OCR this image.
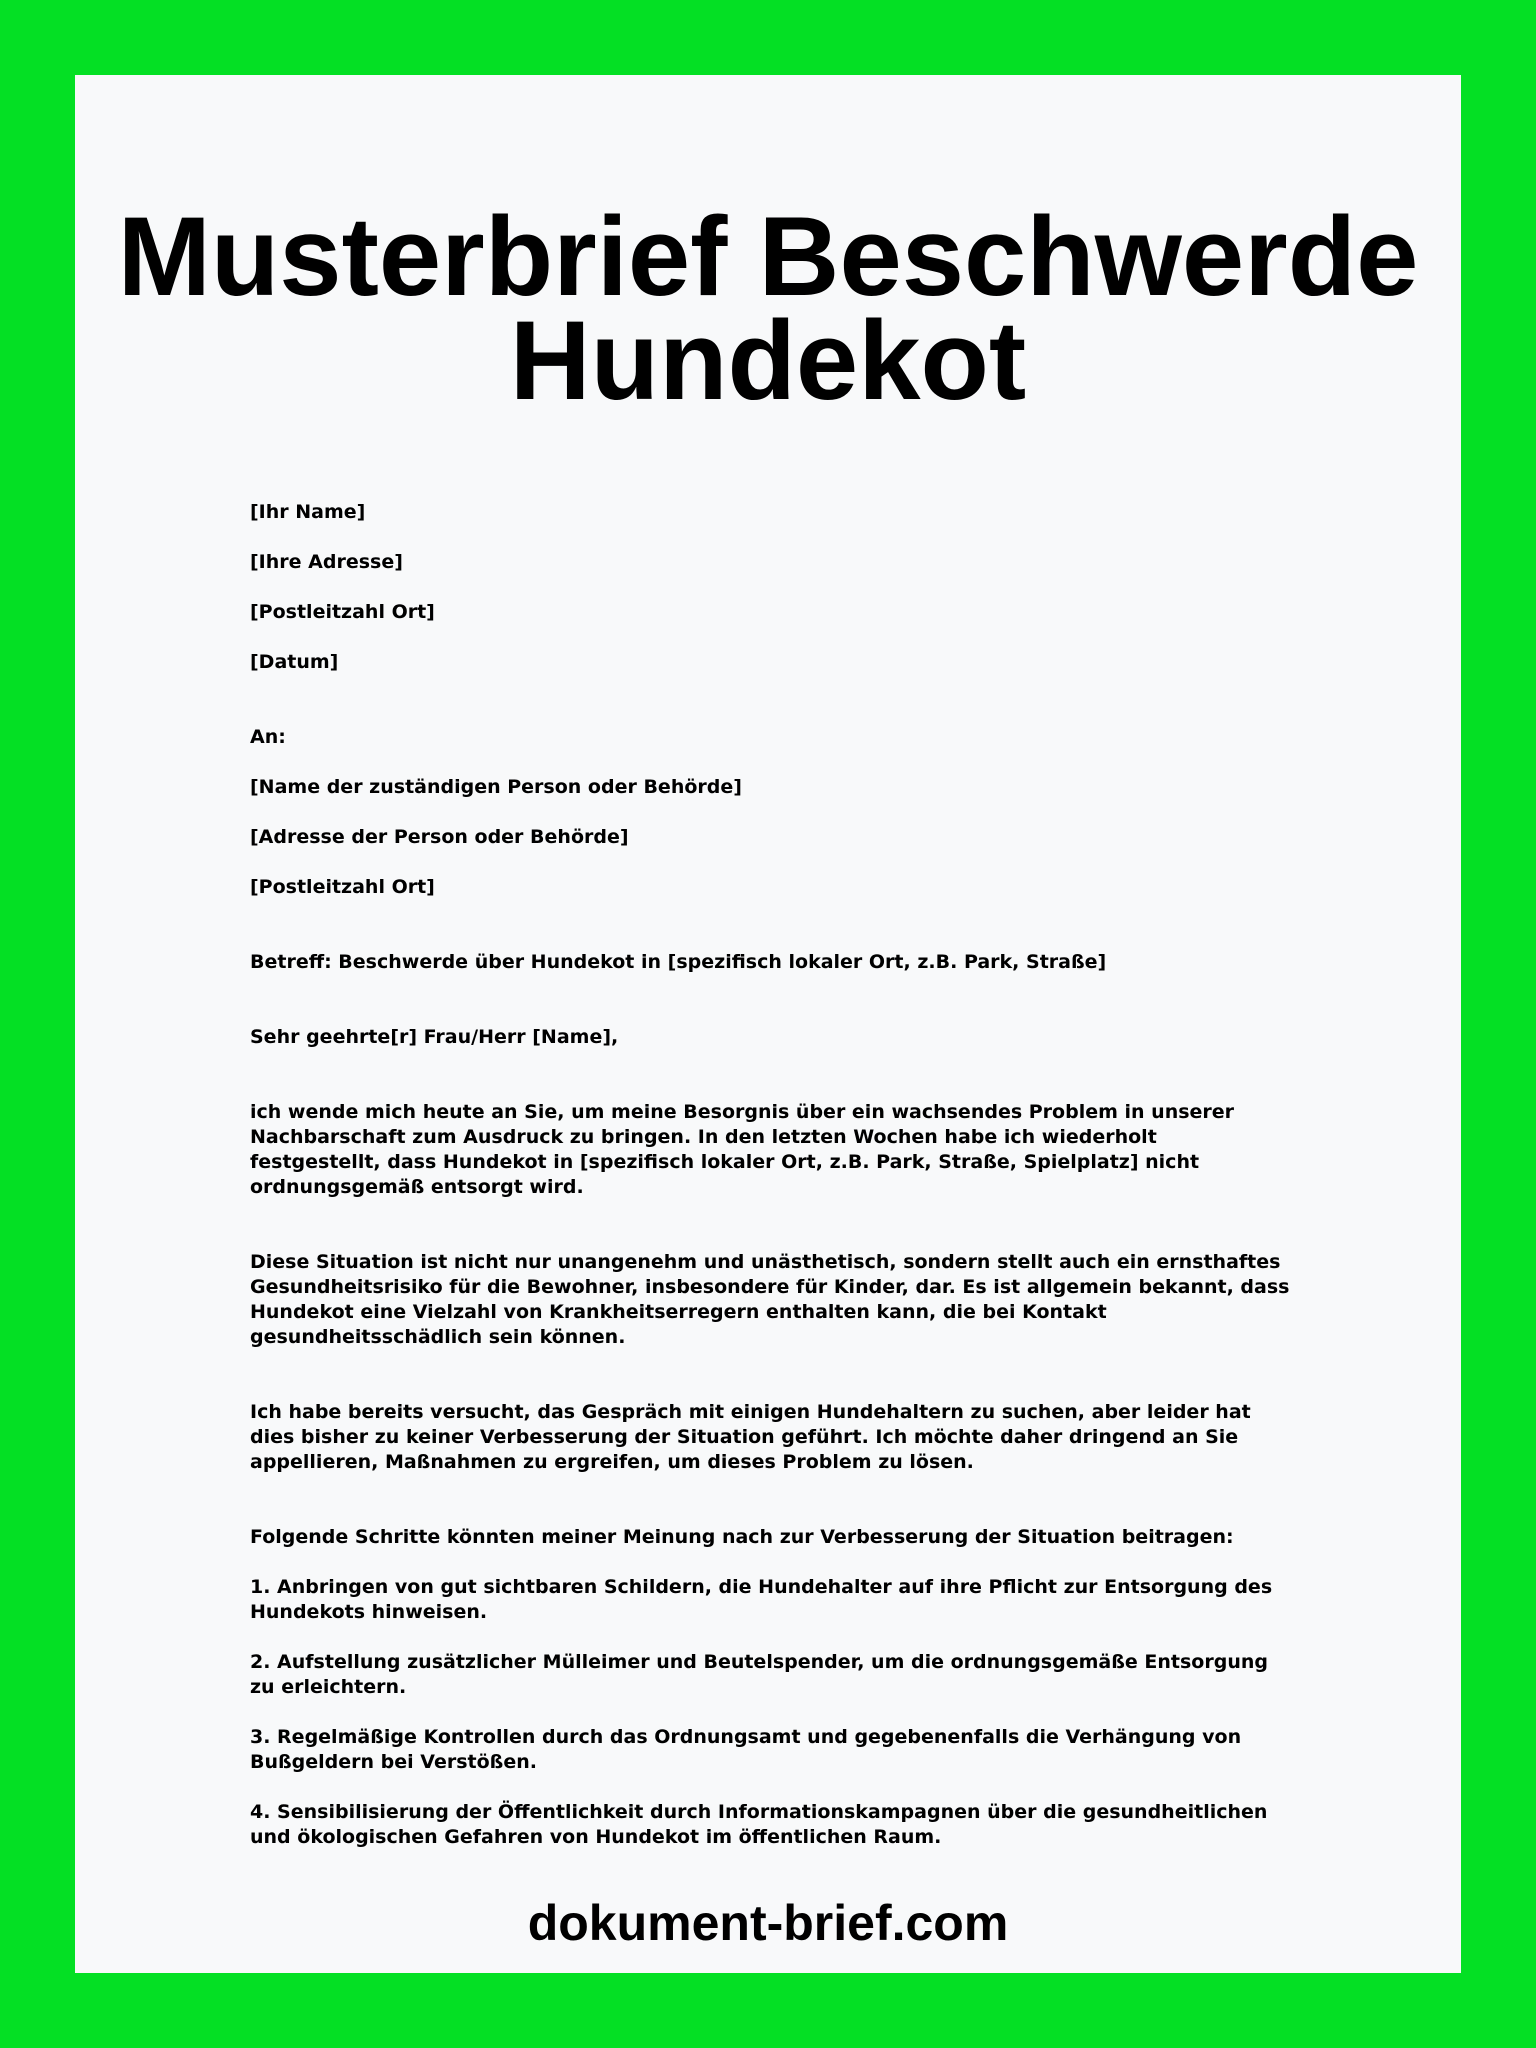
Musterbrief Beschwerde Hundekot
[Ihr Name]
[Ihre Adresse]
[Postleitzahl Ort]
[Datum]
An:
[Name der zuständigen Person oder Behörde]
[Adresse der Person oder Behörde]
[Postleitzahl Ort]
Betreff: Beschwerde über Hundekot in [spezifisch lokaler Ort, z.B. Park, Straße]
Sehr geehrte[r] Frau/Herr [Name],
ich wende mich heute an Sie, um meine Besorgnis über ein wachsendes Problem in unserer Nachbarschaft zum Ausdruck zu bringen. In den letzten Wochen habe ich wiederholt festgestellt, dass Hundekot in [spezifisch lokaler Ort, z.B. Park, Straße, Spielplatz] nicht ordnungsgemäß entsorgt wird.
Diese Situation ist nicht nur unangenehm und unästhetisch, sondern stellt auch ein ernsthaftes Gesundheitsrisiko für die Bewohner, insbesondere für Kinder, dar. Es ist allgemein bekannt, dass Hundekot eine Vielzahl von Krankheitserregern enthalten kann, die bei Kontakt gesundheitsschädlich sein können.
Ich habe bereits versucht, das Gespräch mit einigen Hundehaltern zu suchen, aber leider hat dies bisher zu keiner Verbesserung der Situation geführt. Ich möchte daher dringend an Sie appellieren, Maßnahmen zu ergreifen, um dieses Problem zu lösen.
Folgende Schritte könnten meiner Meinung nach zur Verbesserung der Situation beitragen:
1. Anbringen von gut sichtbaren Schildern, die Hundehalter auf ihre Pflicht zur Entsorgung des Hundekots hinweisen.
2. Aufstellung zusätzlicher Mülleimer und Beutelspender, um die ordnungsgemäße Entsorgung zu erleichtern.
3. Regelmäßige Kontrollen durch das Ordnungsamt und gegebenenfalls die Verhängung von Bußgeldern bei Verstößen.
4. Sensibilisierung der Öffentlichkeit durch Informationskampagnen über die gesundheitlichen und ökologischen Gefahren von Hundekot im öffentlichen Raum.
dokument-brief.com
